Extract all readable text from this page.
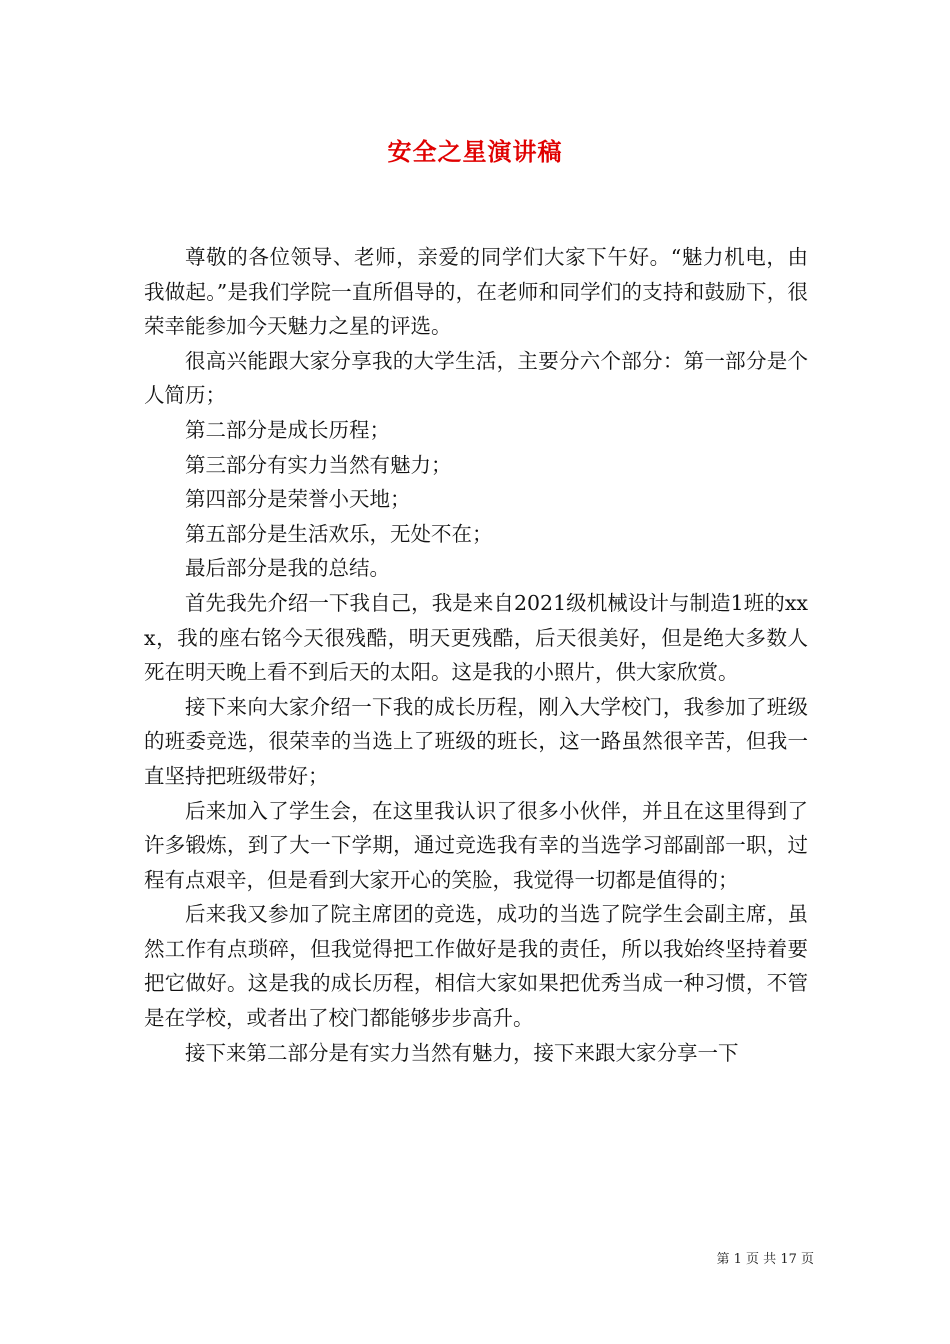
安全之星演讲稿

尊敬的各位领导、老师，亲爱的同学们大家下午好。“魅力机电，由我做起。”是我们学院一直所倡导的，在老师和同学们的支持和鼓励下，很荣幸能参加今天魅力之星的评选。

很高兴能跟大家分享我的大学生活，主要分六个部分：第一部分是个人简历；

第二部分是成长历程；

第三部分有实力当然有魅力；

第四部分是荣誉小天地；

第五部分是生活欢乐，无处不在；

最后部分是我的总结。

首先我先介绍一下我自己，我是来自2021级机械设计与制造1班的xxx，我的座右铭今天很残酷，明天更残酷，后天很美好，但是绝大多数人死在明天晚上看不到后天的太阳。这是我的小照片，供大家欣赏。

接下来向大家介绍一下我的成长历程，刚入大学校门，我参加了班级的班委竞选，很荣幸的当选上了班级的班长，这一路虽然很辛苦，但我一直坚持把班级带好；

后来加入了学生会，在这里我认识了很多小伙伴，并且在这里得到了许多锻炼，到了大一下学期，通过竞选我有幸的当选学习部副部一职，过程有点艰辛，但是看到大家开心的笑脸，我觉得一切都是值得的；

后来我又参加了院主席团的竞选，成功的当选了院学生会副主席，虽然工作有点琐碎，但我觉得把工作做好是我的责任，所以我始终坚持着要把它做好。这是我的成长历程，相信大家如果把优秀当成一种习惯，不管是在学校，或者出了校门都能够步步高升。

接下来第二部分是有实力当然有魅力，接下来跟大家分享一下

第 1 页 共 17 页
